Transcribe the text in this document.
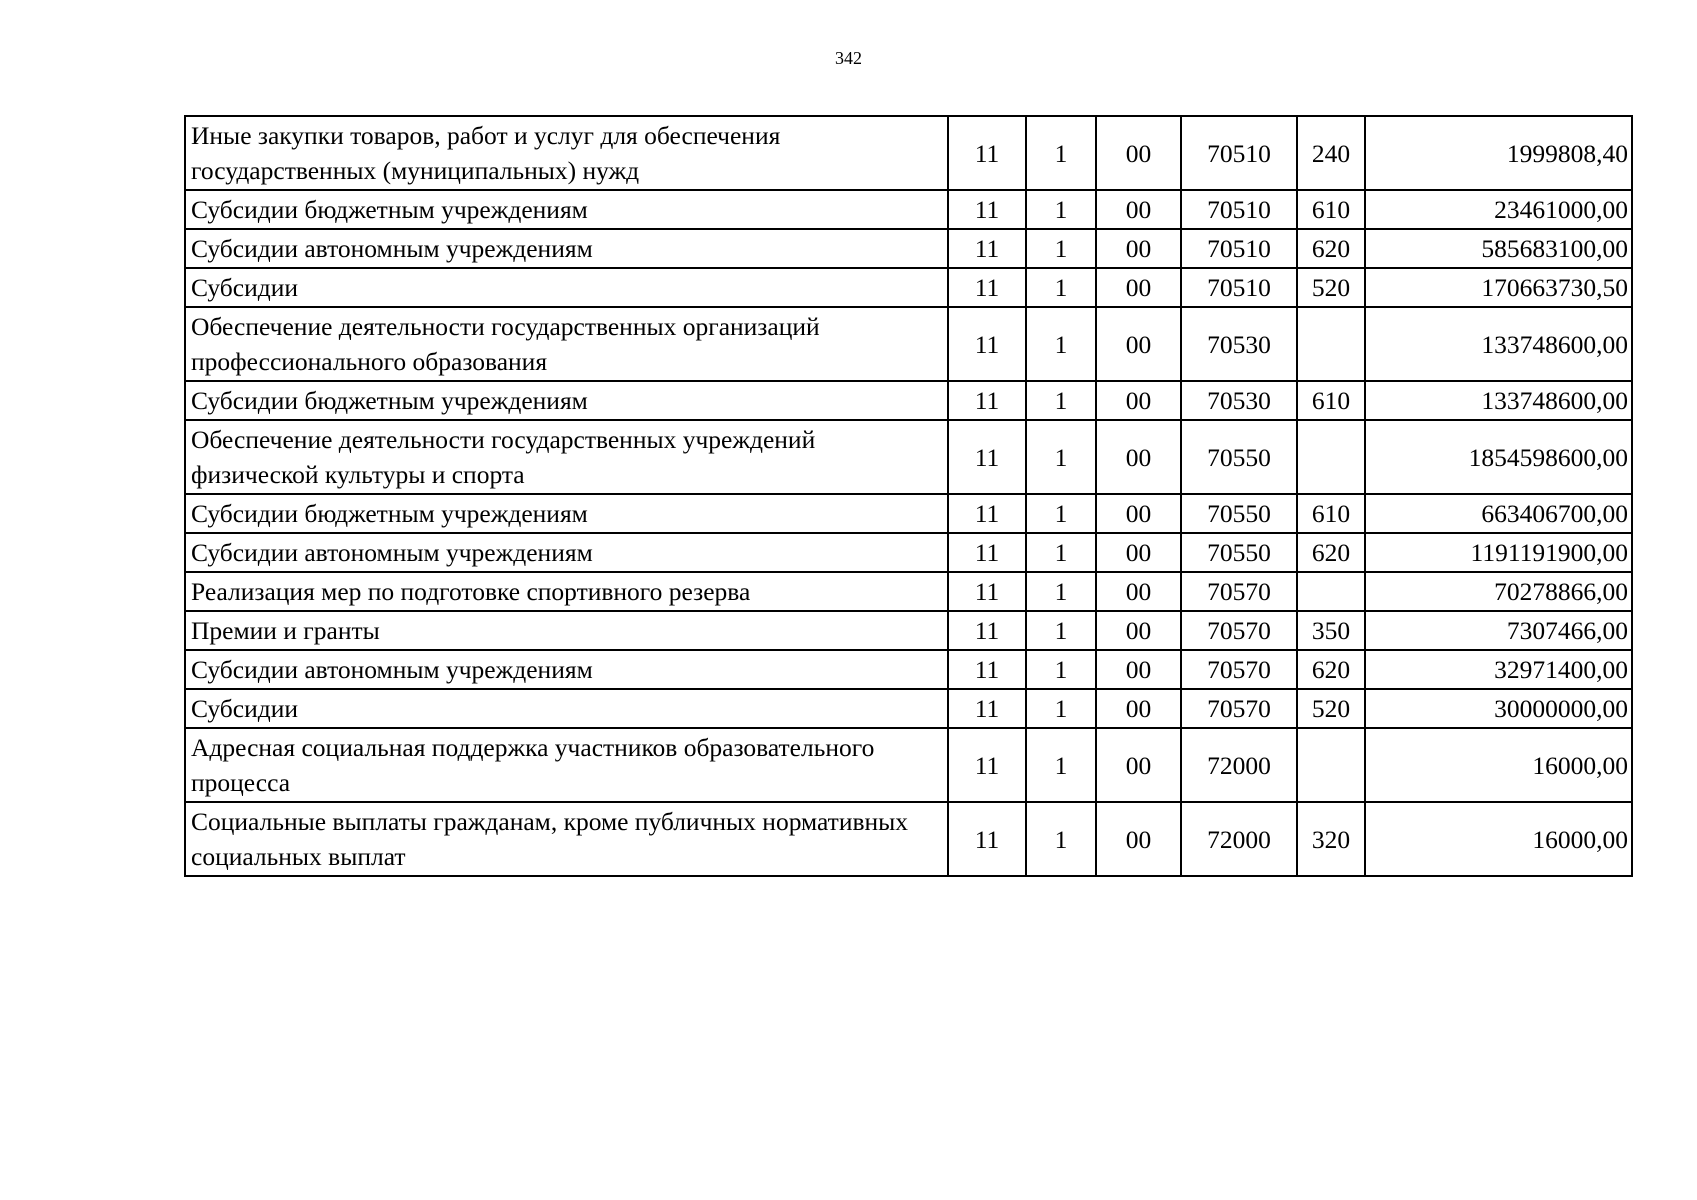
342
Иные закупки товаров, работ и услуг для обеспечения государственных (муниципальных) нужд	11	1	00	70510	240	1999808,40
Субсидии бюджетным учреждениям	11	1	00	70510	610	23461000,00
Субсидии автономным учреждениям	11	1	00	70510	620	585683100,00
Субсидии	11	1	00	70510	520	170663730,50
Обеспечение деятельности государственных организаций профессионального образования	11	1	00	70530		133748600,00
Субсидии бюджетным учреждениям	11	1	00	70530	610	133748600,00
Обеспечение деятельности государственных учреждений физической культуры и спорта	11	1	00	70550		1854598600,00
Субсидии бюджетным учреждениям	11	1	00	70550	610	663406700,00
Субсидии автономным учреждениям	11	1	00	70550	620	1191191900,00
Реализация мер по подготовке спортивного резерва	11	1	00	70570		70278866,00
Премии и гранты	11	1	00	70570	350	7307466,00
Субсидии автономным учреждениям	11	1	00	70570	620	32971400,00
Субсидии	11	1	00	70570	520	30000000,00
Адресная социальная поддержка участников образовательного процесса	11	1	00	72000		16000,00
Социальные выплаты гражданам, кроме публичных нормативных социальных выплат	11	1	00	72000	320	16000,00
